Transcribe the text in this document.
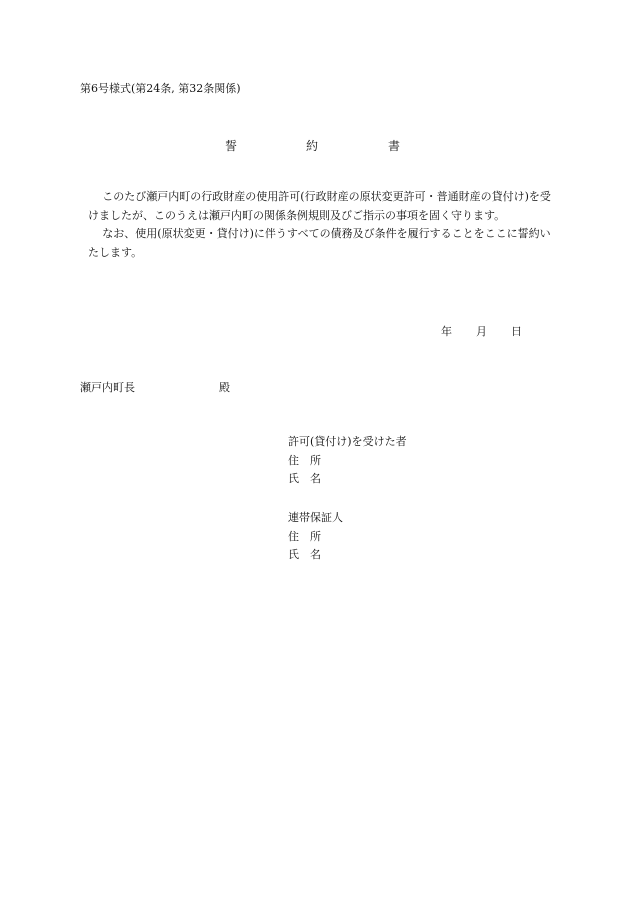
第6号様式(第24条, 第32条関係)
誓	約	書

このたび瀬戸内町の行政財産の使用許可(行政財産の原状変更許可・普通財産の貸付け)を受けましたが、このうえは瀬戸内町の関係条例規則及びご指示の事項を固く守ります。

なお、使用(原状変更・貸付け)に伴うすべての債務及び条件を履行することをここに誓約いたします。

年 月 日
瀬戸内町長	殿
許可(貸付け)を受けた者
住　所
氏　名
連帯保証人
住　所
氏　名
